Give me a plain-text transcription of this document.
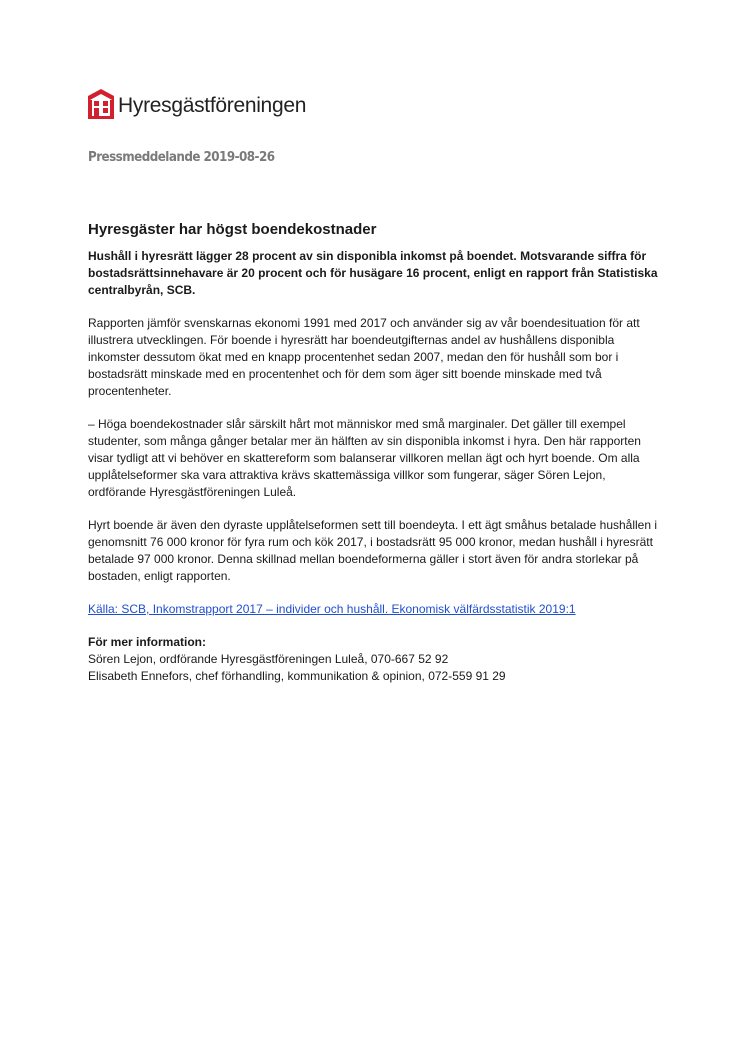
Hyresgästföreningen
Pressmeddelande 2019-08-26
Hyresgäster har högst boendekostnader

Hushåll i hyresrätt lägger 28 procent av sin disponibla inkomst på boendet. Motsvarande siffra för bostadsrättsinnehavare är 20 procent och för husägare 16 procent, enligt en rapport från Statistiska centralbyrån, SCB.

Rapporten jämför svenskarnas ekonomi 1991 med 2017 och använder sig av vår boendesituation för att illustrera utvecklingen. För boende i hyresrätt har boendeutgifternas andel av hushållens disponibla inkomster dessutom ökat med en knapp procentenhet sedan 2007, medan den för hushåll som bor i bostadsrätt minskade med en procentenhet och för dem som äger sitt boende minskade med två procentenheter.

– Höga boendekostnader slår särskilt hårt mot människor med små marginaler. Det gäller till exempel studenter, som många gånger betalar mer än hälften av sin disponibla inkomst i hyra. Den här rapporten visar tydligt att vi behöver en skattereform som balanserar villkoren mellan ägt och hyrt boende. Om alla upplåtelseformer ska vara attraktiva krävs skattemässiga villkor som fungerar, säger Sören Lejon, ordförande Hyresgästföreningen Luleå.

Hyrt boende är även den dyraste upplåtelseformen sett till boendeyta. I ett ägt småhus betalade hushållen i genomsnitt 76 000 kronor för fyra rum och kök 2017, i bostadsrätt 95 000 kronor, medan hushåll i hyresrätt betalade 97 000 kronor. Denna skillnad mellan boendeformerna gäller i stort även för andra storlekar på bostaden, enligt rapporten.

Källa: SCB, Inkomstrapport 2017 – individer och hushåll. Ekonomisk välfärdsstatistik 2019:1

För mer information:

Sören Lejon, ordförande Hyresgästföreningen Luleå, 070-667 52 92

Elisabeth Ennefors, chef förhandling, kommunikation & opinion, 072-559 91 29
